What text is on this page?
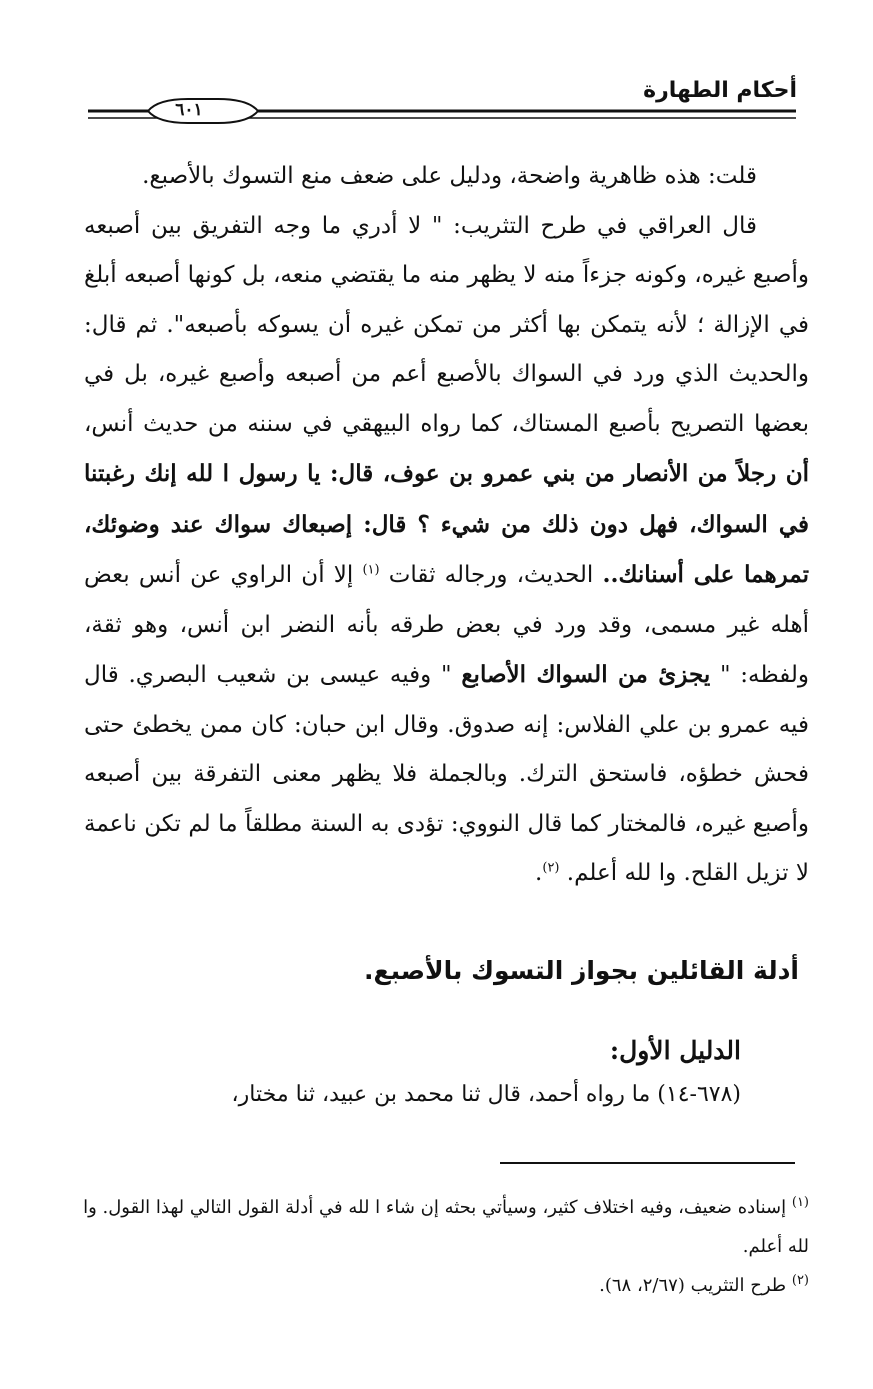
أحكام الطهارة
٦٠١

قلت: هذه ظاهرية واضحة، ودليل على ضعف منع التسوك بالأصبع.

قال العراقي في طرح التثريب: " لا أدري ما وجه التفريق بين أصبعه وأصبع غيره، وكونه جزءاً منه لا يظهر منه ما يقتضي منعه، بل كونها أصبعه أبلغ في الإزالة ؛ لأنه يتمكن بها أكثر من تمكن غيره أن يسوكه بأصبعه". ثم قال: والحديث الذي ورد في السواك بالأصبع أعم من أصبعه وأصبع غيره، بل في بعضها التصريح بأصبع المستاك، كما رواه البيهقي في سننه من حديث أنس، أن رجلاً من الأنصار من بني عمرو بن عوف، قال: يا رسول ا لله إنك رغبتنا في السواك، فهل دون ذلك من شيء ؟ قال: إصبعاك سواك عند وضوئك، تمرهما على أسنانك.. الحديث، ورجاله ثقات $^{(١)}$ إلا أن الراوي عن أنس بعض أهله غير مسمى، وقد ورد في بعض طرقه بأنه النضر ابن أنس، وهو ثقة، ولفظه: " يجزئ من السواك الأصابع " وفيه عيسى بن شعيب البصري. قال فيه عمرو بن علي الفلاس: إنه صدوق. وقال ابن حبان: كان ممن يخطئ حتى فحش خطؤه، فاستحق الترك. وبالجملة فلا يظهر معنى التفرقة بين أصبعه وأصبع غيره، فالمختار كما قال النووي: تؤدى به السنة مطلقاً ما لم تكن ناعمة لا تزيل القلح. وا لله أعلم. $^{(٢)}$.

أدلة القائلين بجواز التسوك بالأصبع.
الدليل الأول:
(٦٧٨-١٤) ما رواه أحمد، قال ثنا محمد بن عبيد، ثنا مختار،

$^{(١)}$ إسناده ضعيف، وفيه اختلاف كثير، وسيأتي بحثه إن شاء ا لله في أدلة القول التالي لهذا القول. وا لله أعلم.

$^{(٢)}$ طرح التثريب (٢/٦٧، ٦٨).
